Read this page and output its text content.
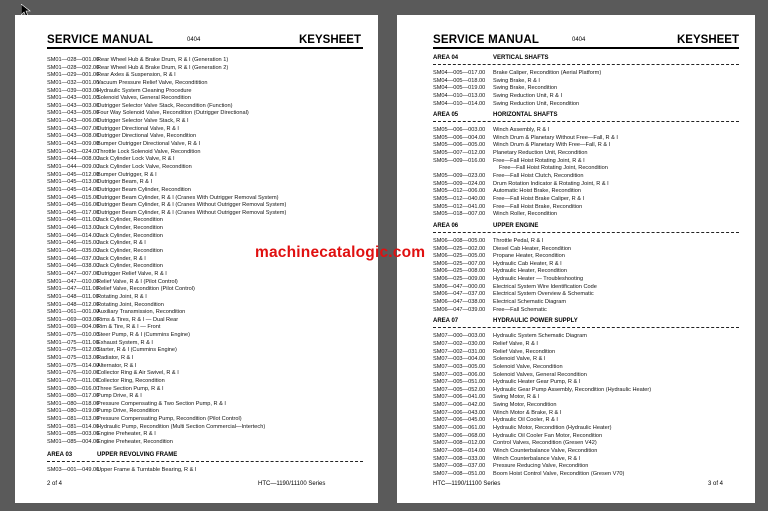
SERVICE MANUAL	0404	KEYSHEET
SM01—028—001.00
Rear Wheel Hub & Brake Drum, R & I (Generation 1)
SM01—028—002.00
Rear Wheel Hub & Brake Drum, R & I (Generation 2)
SM01—029—001.00
Rear Axles & Suspension, R & I
SM01—032—001.00
Vacuum Pressure Relief Valve, Reconditition
SM01—039—003.00
Hydraulic System Cleaning Procedure
SM01—043—001.00
Solenoid Valves, General Recondition
SM01—043—003.00
Outrigger Selector Valve Stack, Recondition (Function)
SM01—043—005.00
Four Way Solenoid Valve, Recondition (Outrigger Directional)
SM01—043—006.00
Outrigger Selector Valve Stack, R & I
SM01—043—007.00
Outrigger Directional Valve, R & I
SM01—043—008.00
Outrigger Directional Valve, Recondition
SM01—043—009.00
Bumper Outrigger Directional Valve, R & I
SM01—043—024.00
Throttle Lock Solenoid Valve, Recondition
SM01—044—008.00
Jack Cylinder Lock Valve, R & I
SM01—044—009.00
Jack Cylinder Lock Valve, Recondition
SM01—045—012.00
Bumper Outrigger, R & I
SM01—045—013.00
Outrigger Beam, R & I
SM01—045—014.00
Outrigger Beam Cylinder, Recondition
SM01—045—015.00
Outrigger Beam Cylinder, R & I (Cranes With Outrigger Removal System)
SM01—045—016.00
Outrigger Beam Cylinder, R & I (Cranes Without Outrigger Removal System)
SM01—045—017.00
Outrigger Beam Cylinder, R & I (Cranes Without Outrigger Removal System)
SM01—046—011.00
Jack Cylinder, Recondition
SM01—046—013.00
Jack Cylinder, Recondition
SM01—046—014.00
Jack Cylinder, Recondition
SM01—046—015.00
Jack Cylinder, R & I
SM01—046—035.00
Jack Cylinder, Recondition
SM01—046—037.00
Jack Cylinder, R & I
SM01—046—038.00
Jack Cylinder, Recondition
SM01—047—007.00
Outrigger Relief Valve, R & I
SM01—047—010.00
Relief Valve, R & I (Pilot Control)
SM01—047—011.00
Relief Valve, Recondition (Pilot Control)
SM01—048—011.00
Rotating Joint, R & I
SM01—048—012.00
Rotating Joint, Recondition
SM01—061—001.00
Auxiliary Transmission, Recondition
SM01—069—003.00
Rims & Tires, R & I — Dual Rear
SM01—069—004.00
Rim & Tire, R & I — Front
SM01—075—010.00
Steer Pump, R & I (Cummins Engine)
SM01—075—011.00
Exhaust System, R & I
SM01—075—012.00
Starter, R & I (Cummins Engine)
SM01—075—013.00
Radiator, R & I
SM01—075—014.00
Alternator, R & I
SM01—076—010.00
Collector Ring & Air Swivel, R & I
SM01—076—011.00
Collector Ring, Recondition
SM01—080—016.00
Three Section Pump, R & I
SM01—080—017.00
Pump Drive, R & I
SM01—080—018.00
Pressure Compensating & Two Section Pump, R & I
SM01—080—019.00
Pump Drive, Recondition
SM01—081—013.00
Pressure Compensating Pump, Recondition (Pilot Control)
SM01—081—014.00
Hydraulic Pump, Recondition (Multi Section Commercial—Intertech)
SM01—085—003.00
Engine Preheater, R & I
SM01—085—004.00
Engine Preheater, Recondition
AREA 03	UPPER REVOLVING FRAME
SM03—001—049.00
Upper Frame & Turntable Bearing, R & I
2 of 4	HTC—1190/11100 Series
SERVICE MANUAL	0404	KEYSHEET
AREA 04	VERTICAL SHAFTS
SM04—005—017.00 Brake Caliper, Recondition (Aerial Platform)
SM04—005—018.00 Swing Brake, R & I
SM04—005—019.00 Swing Brake, Recondition
SM04—010—013.00 Swing Reduction Unit, R & I
SM04—010—014.00 Swing Reduction Unit, Recondition
AREA 05	HORIZONTAL SHAFTS
SM05—006—003.00 Winch Assembly, R & I
SM05—006—004.00 Winch Drum & Planetary Without Free—Fall, R & I
SM05—006—005.00 Winch Drum & Planetary With Free—Fall, R & I
SM05—007—012.00 Planetary Reduction Unit, Recondition
SM05—009—016.00 Free—Fall Hoist Rotating Joint, R & I
Free—Fall Hoist Rotating Joint, Recondition
SM05—009—023.00 Free—Fall Hoist Clutch, Recondition
SM05—009—024.00 Drum Rotation Indicator & Rotating Joint, R & I
SM05—012—006.00 Automatic Hoist Brake, Recondition
SM05—012—040.00 Free—Fall Hoist Brake Caliper, R & I
SM05—012—041.00 Free—Fall Hoist Brake, Recondition
SM05—018—007.00 Winch Roller, Recondition
AREA 06	UPPER ENGINE
SM06—008—005.00 Throttle Pedal, R & I
SM06—025—002.00 Diesel Cab Heater, Recondition
SM06—025—005.00 Propane Heater, Recondition
SM06—025—007.00 Hydraulic Cab Heater, R & I
SM06—025—008.00 Hydraulic Heater, Recondition
SM06—025—009.00 Hydraulic Heater — Troubleshooting
SM06—047—000.00 Electrical System Wire Identification Code
SM06—047—037.00 Electrical System Overview & Schematic
SM06—047—038.00 Electrical Schematic Diagram
SM06—047—039.00 Free—Fall Schematic
AREA 07	HYDRAULIC POWER SUPPLY
SM07—000—003.00 Hydraulic System Schematic Diagram
SM07—002—030.00 Relief Valve, R & I
SM07—002—031.00 Relief Valve, Recondition
SM07—003—004.00 Solenoid Valve, R & I
SM07—003—005.00 Solenoid Valve, Recondition
SM07—003—006.00 Solenoid Valves, General Recondition
SM07—005—051.00 Hydraulic Heater Gear Pump, R & I
SM07—005—052.00 Hydraulic Gear Pump Assembly, Recondition (Hydraulic Heater)
SM07—006—041.00 Swing Motor, R & I
SM07—006—042.00 Swing Motor, Recondition
SM07—006—043.00 Winch Motor & Brake, R & I
SM07—006—045.00 Hydraulic Oil Cooler, R & I
SM07—006—061.00 Hydraulic Motor, Recondition (Hydraulic Heater)
SM07—006—068.00 Hydraulic Oil Cooler Fan Motor, Recondition
SM07—008—012.00 Control Valves, Recondition (Gresen V42)
SM07—008—014.00 Winch Counterbalance Valve, Recondition
SM07—008—033.00 Winch Counterbalance Valve, R & I
SM07—008—037.00 Pressure Reducing Valve, Recondition
SM07—008—051.00 Boom Hoist Control Valve, Recondition (Gresen V70)
HTC—1190/11100 Series	3 of 4
machinecatalogic.com
